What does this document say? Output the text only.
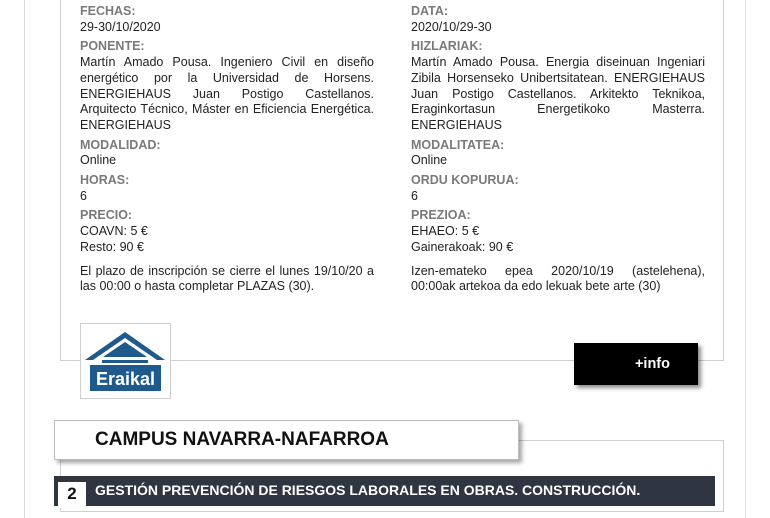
FECHAS:
29-30/10/2020
PONENTE:
Martín Amado Pousa. Ingeniero Civil en diseño energético por la Universidad de Horsens. ENERGIEHAUS Juan Postigo Castellanos. Arquitecto Técnico, Máster en Eficiencia Energética. ENERGIEHAUS
MODALIDAD:
Online
HORAS:
6
PRECIO:
COAVN: 5 €
Resto: 90 €
El plazo de inscripción se cierre el lunes 19/10/20 a las 00:00 o hasta completar PLAZAS (30).
DATA:
2020/10/29-30
HIZLARIAK:
Martín Amado Pousa. Energia diseinuan Ingeniari Zibila Horsenseko Unibertsitatean. ENERGIEHAUS Juan Postigo Castellanos. Arkitekto Teknikoa, Eraginkortasun Energetikoko Masterra. ENERGIEHAUS
MODALITATEA:
Online
ORDU KOPURUA:
6
PREZIOA:
EHAEO: 5 €
Gainerakoak: 90 €
Izen-emateko epea 2020/10/19 (astelehena), 00:00ak artekoa da edo lekuak bete arte (30)
Eraikal
+info
CAMPUS NAVARRA-NAFARROA
2 GESTIÓN PREVENCIÓN DE RIESGOS LABORALES EN OBRAS. CONSTRUCCIÓN.
